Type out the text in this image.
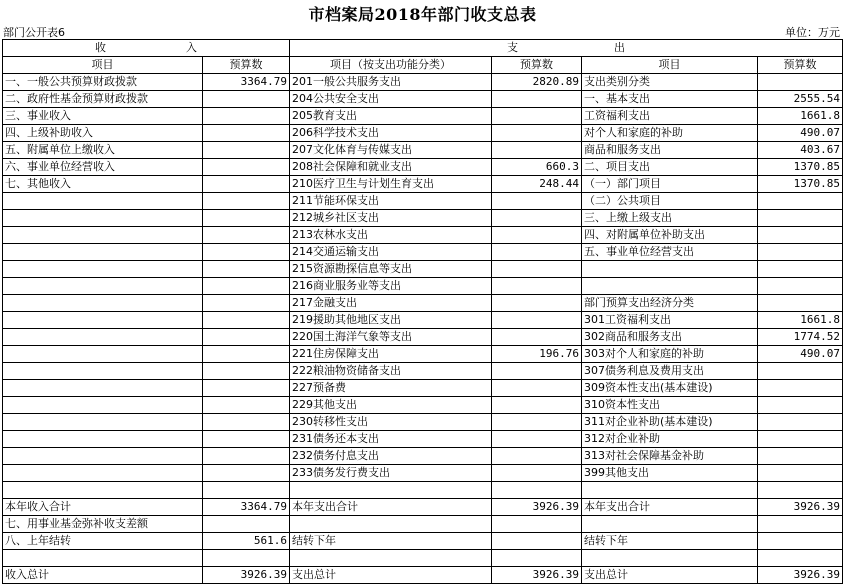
市档案局2018年部门收支总表
部门公开表6	单位：万元
收 入		支 出			

项目	预算数	项目（按支出功能分类）	预算数	项目	预算数
一、一般公共预算财政拨款	3364.79	201一般公共服务支出	2820.89	支出类别分类	
二、政府性基金预算财政拨款		204公共安全支出		一、基本支出	2555.54
三、事业收入		205教育支出		工资福利支出	1661.8
四、上级补助收入		206科学技术支出		对个人和家庭的补助	490.07
五、附属单位上缴收入		207文化体育与传媒支出		商品和服务支出	403.67
六、事业单位经营收入		208社会保障和就业支出	660.3	二、项目支出	1370.85
七、其他收入		210医疗卫生与计划生育支出	248.44	（一）部门项目	1370.85
		211节能环保支出		（二）公共项目	
		212城乡社区支出		三、上缴上级支出	
		213农林水支出		四、对附属单位补助支出	
		214交通运输支出		五、事业单位经营支出	
		215资源勘探信息等支出			
		216商业服务业等支出			
		217金融支出		部门预算支出经济分类	
		219援助其他地区支出		301工资福利支出	1661.8
		220国土海洋气象等支出		302商品和服务支出	1774.52
		221住房保障支出	196.76	303对个人和家庭的补助	490.07
		222粮油物资储备支出		307债务利息及费用支出	
		227预备费		309资本性支出(基本建设)	
		229其他支出		310资本性支出	
		230转移性支出		311对企业补助(基本建设)	
		231债务还本支出		312对企业补助	
		232债务付息支出		313对社会保障基金补助	
		233债务发行费支出		399其他支出	

本年收入合计	3364.79	本年支出合计	3926.39	本年支出合计	3926.39
七、用事业基金弥补收支差额					
八、上年结转	561.6	结转下年		结转下年	

收入总计	3926.39	支出总计	3926.39	支出总计	3926.39
